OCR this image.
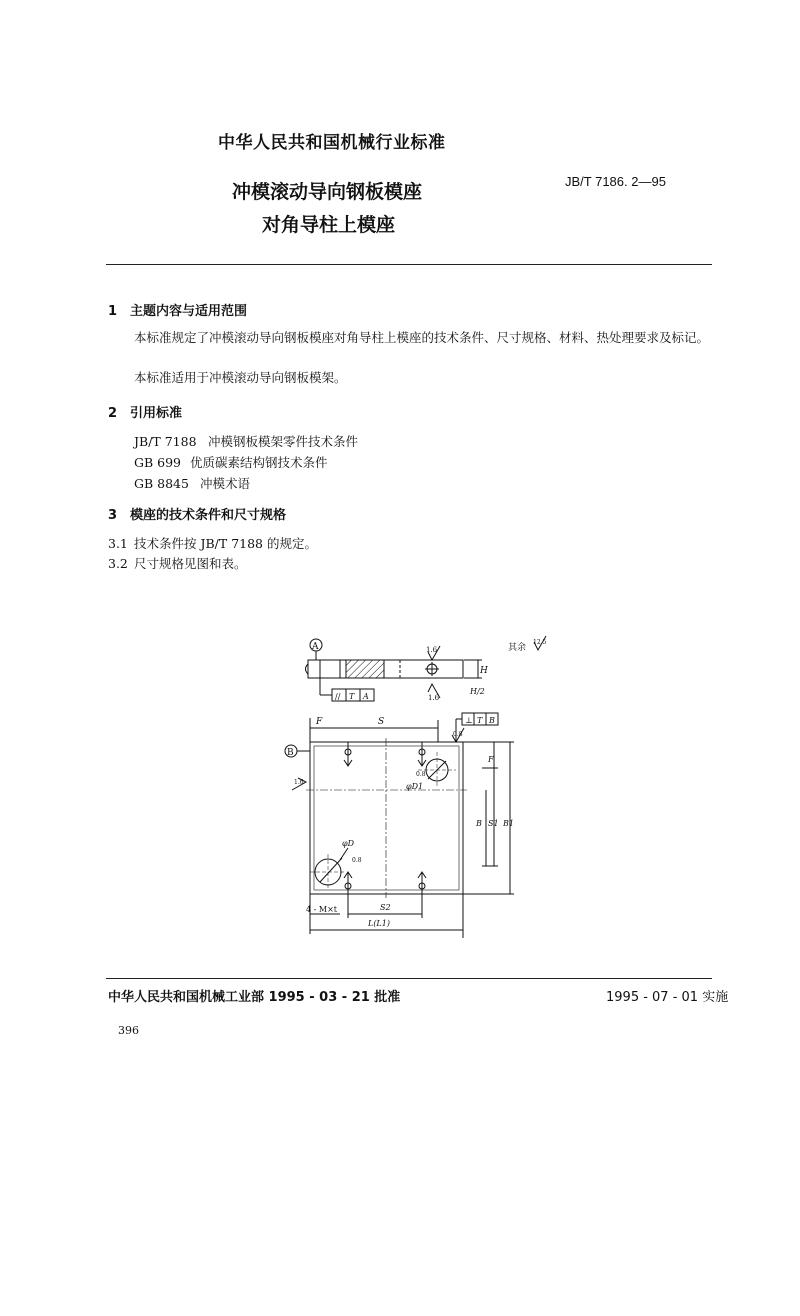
中华人民共和国机械行业标准
JB/T 7186. 2—95
冲模滚动导向钢板模座
对角导柱上模座
1 主题内容与适用范围
本标准规定了冲模滚动导向钢板模座对角导柱上模座的技术条件、尺寸规格、材料、热处理要求及标记。
本标准适用于冲模滚动导向钢板模架。
2 引用标准
JB/T 7188 冲模钢板模架零件技术条件
GB 699 优质碳素结构钢技术条件
GB 8845 冲模术语
3 模座的技术条件和尺寸规格
3.1 技术条件按 JB/T 7188 的规定。
3.2 尺寸规格见图和表。
A	1.6
1.6
H
H/2
// T A
其余
12.5
⊥ T B
0.8
F	S
B
1.6	φD1
0.8
φD
0.8
F
B S1 B1
S2
L(L1)
4 - M×t
中华人民共和国机械工业部 1995 - 03 - 21 批准	1995 - 07 - 01 实施
396
